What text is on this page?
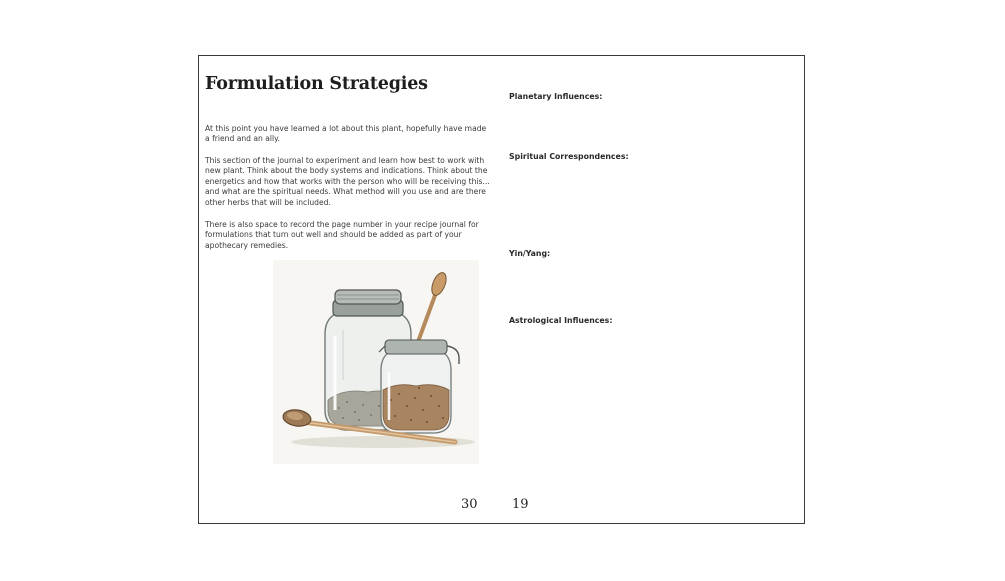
Formulation Strategies

At this point you have learned a lot about this plant, hopefully have made a friend and an ally.

This section of the journal to experiment and learn how best to work with new plant. Think about the body systems and indications. Think about the energetics and how that works with the person who will be receiving this... and what are the spiritual needs. What method will you use and are there other herbs that will be included.

There is also space to record the page number in your recipe journal for formulations that turn out well and should be added as part of your apothecary remedies.

30
Planetary Influences:
Spiritual Correspondences:
Yin/Yang:
Astrological Influences:
19
